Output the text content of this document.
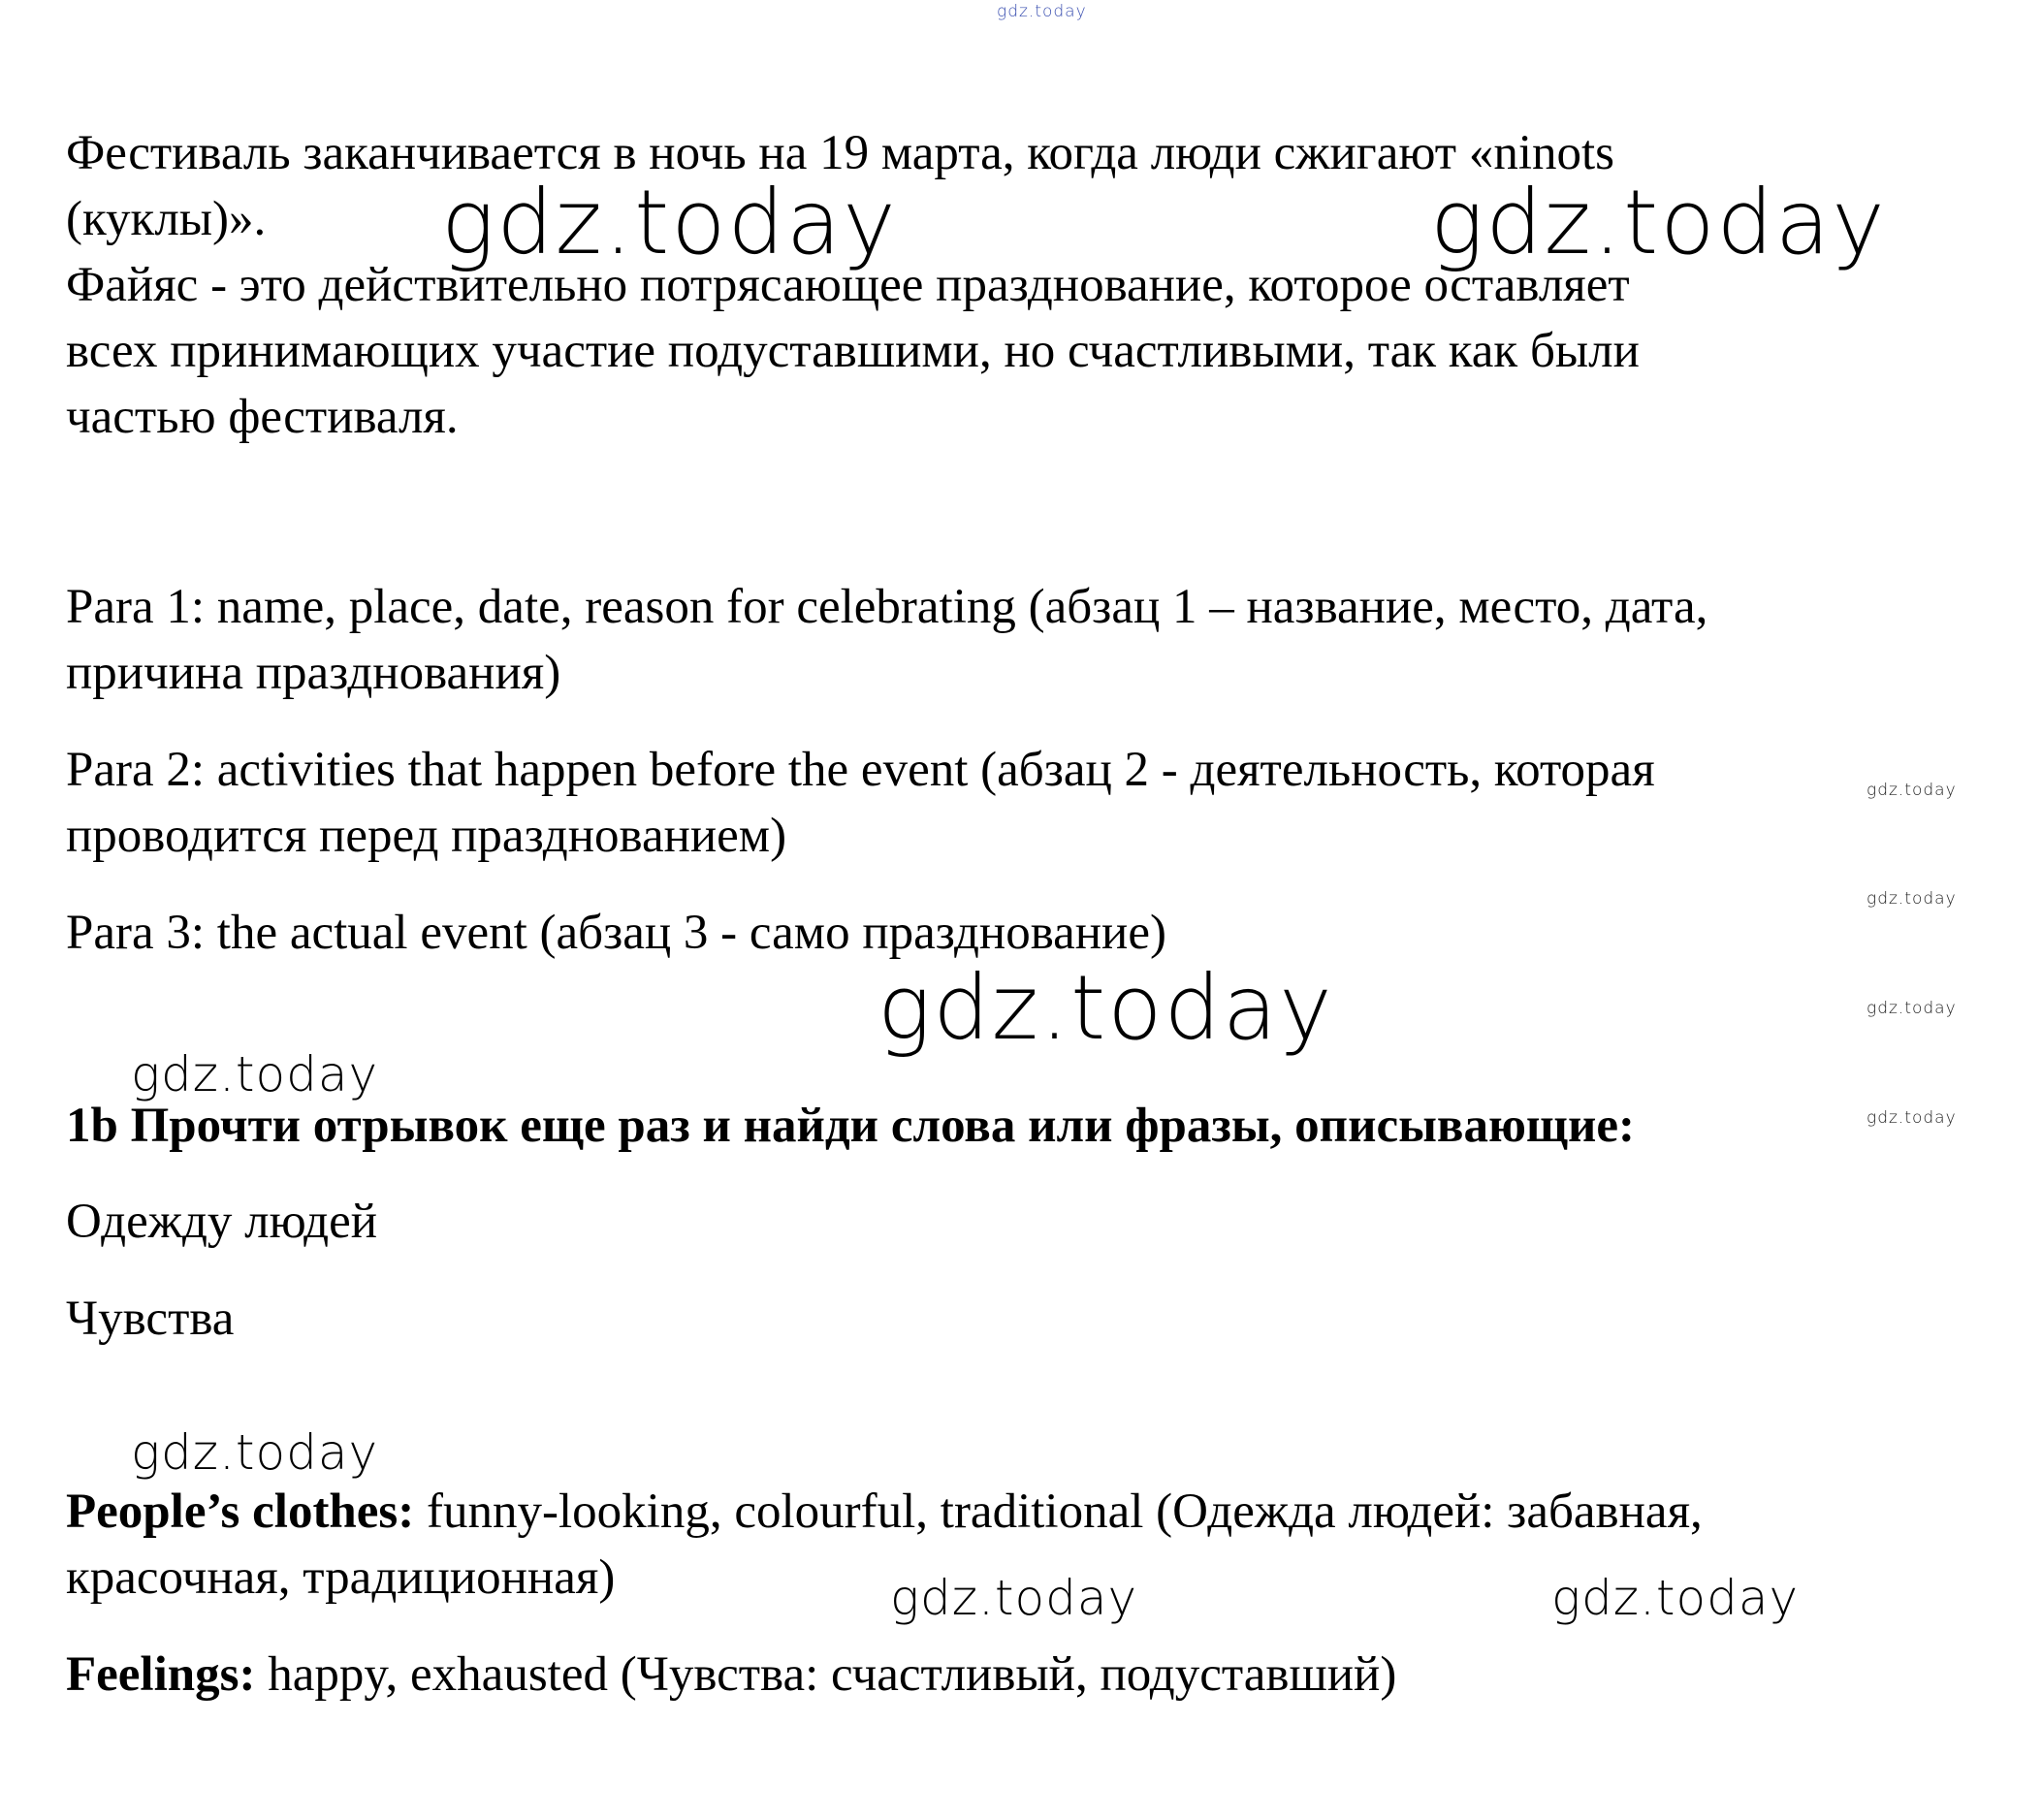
gdz.today
Фестиваль заканчивается в ночь на 19 марта, когда люди сжигают «ninots
(куклы)».
Файяс - это действительно потрясающее празднование, которое оставляет
всех принимающих участие подуставшими, но счастливыми, так как были
частью фестиваля.
Para 1: name, place, date, reason for celebrating (абзац 1 – название, место, дата,
причина празднования)
Para 2: activities that happen before the event (абзац 2 - деятельность, которая
проводится перед празднованием)
Para 3: the actual event (абзац 3 - само празднование)
1b Прочти отрывок еще раз и найди слова или фразы, описывающие:
Одежду людей
Чувства
People’s clothes: funny-looking, colourful, traditional (Одежда людей: забавная,
красочная, традиционная)
Feelings: happy, exhausted (Чувства: счастливый, подуставший)
gdz.today	gdz.today
gdz.today
gdz.today
gdz.today
gdz.today	gdz.today
gdz.today
gdz.today
gdz.today
gdz.today
